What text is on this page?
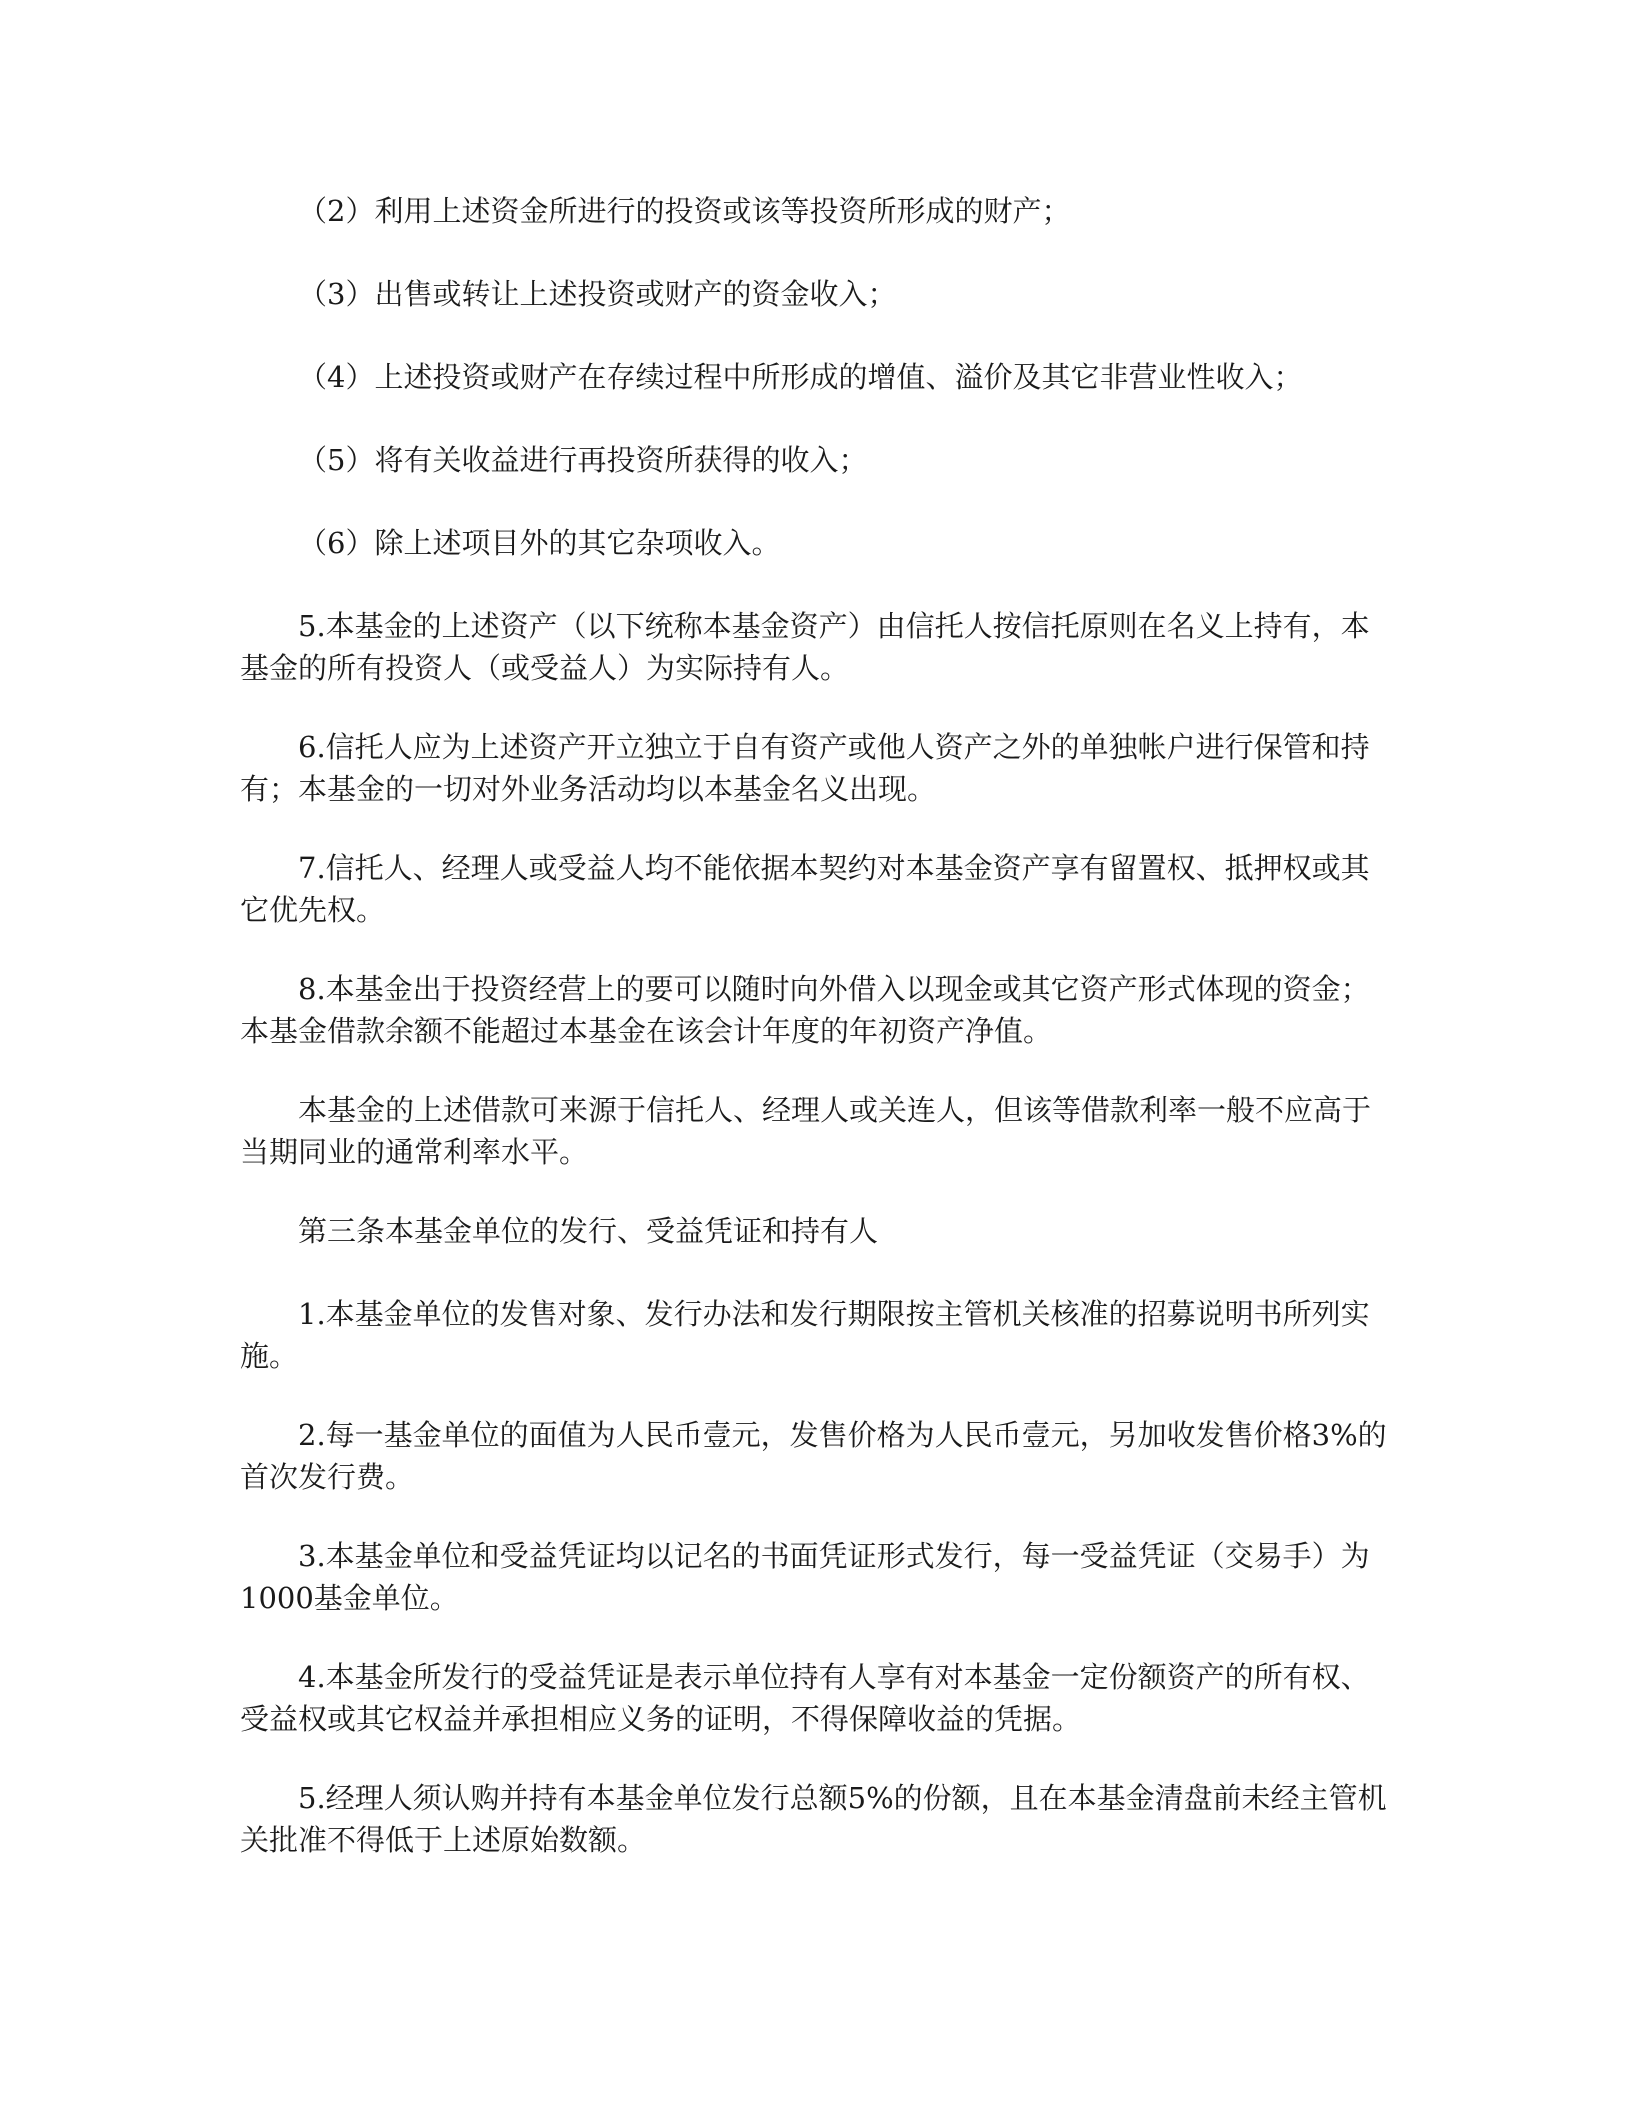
（2）利用上述资金所进行的投资或该等投资所形成的财产；

（3）出售或转让上述投资或财产的资金收入；

（4）上述投资或财产在存续过程中所形成的增值、溢价及其它非营业性收入；

（5）将有关收益进行再投资所获得的收入；

（6）除上述项目外的其它杂项收入。

5.本基金的上述资产（以下统称本基金资产）由信托人按信托原则在名义上持有，本基金的所有投资人（或受益人）为实际持有人。

6.信托人应为上述资产开立独立于自有资产或他人资产之外的单独帐户进行保管和持有；本基金的一切对外业务活动均以本基金名义出现。

7.信托人、经理人或受益人均不能依据本契约对本基金资产享有留置权、抵押权或其它优先权。

8.本基金出于投资经营上的要可以随时向外借入以现金或其它资产形式体现的资金；本基金借款余额不能超过本基金在该会计年度的年初资产净值。

本基金的上述借款可来源于信托人、经理人或关连人，但该等借款利率一般不应高于当期同业的通常利率水平。

第三条本基金单位的发行、受益凭证和持有人

1.本基金单位的发售对象、发行办法和发行期限按主管机关核准的招募说明书所列实施。

2.每一基金单位的面值为人民币壹元，发售价格为人民币壹元，另加收发售价格3%的首次发行费。

3.本基金单位和受益凭证均以记名的书面凭证形式发行，每一受益凭证（交易手）为1000基金单位。

4.本基金所发行的受益凭证是表示单位持有人享有对本基金一定份额资产的所有权、受益权或其它权益并承担相应义务的证明，不得保障收益的凭据。

5.经理人须认购并持有本基金单位发行总额5%的份额，且在本基金清盘前未经主管机关批准不得低于上述原始数额。
